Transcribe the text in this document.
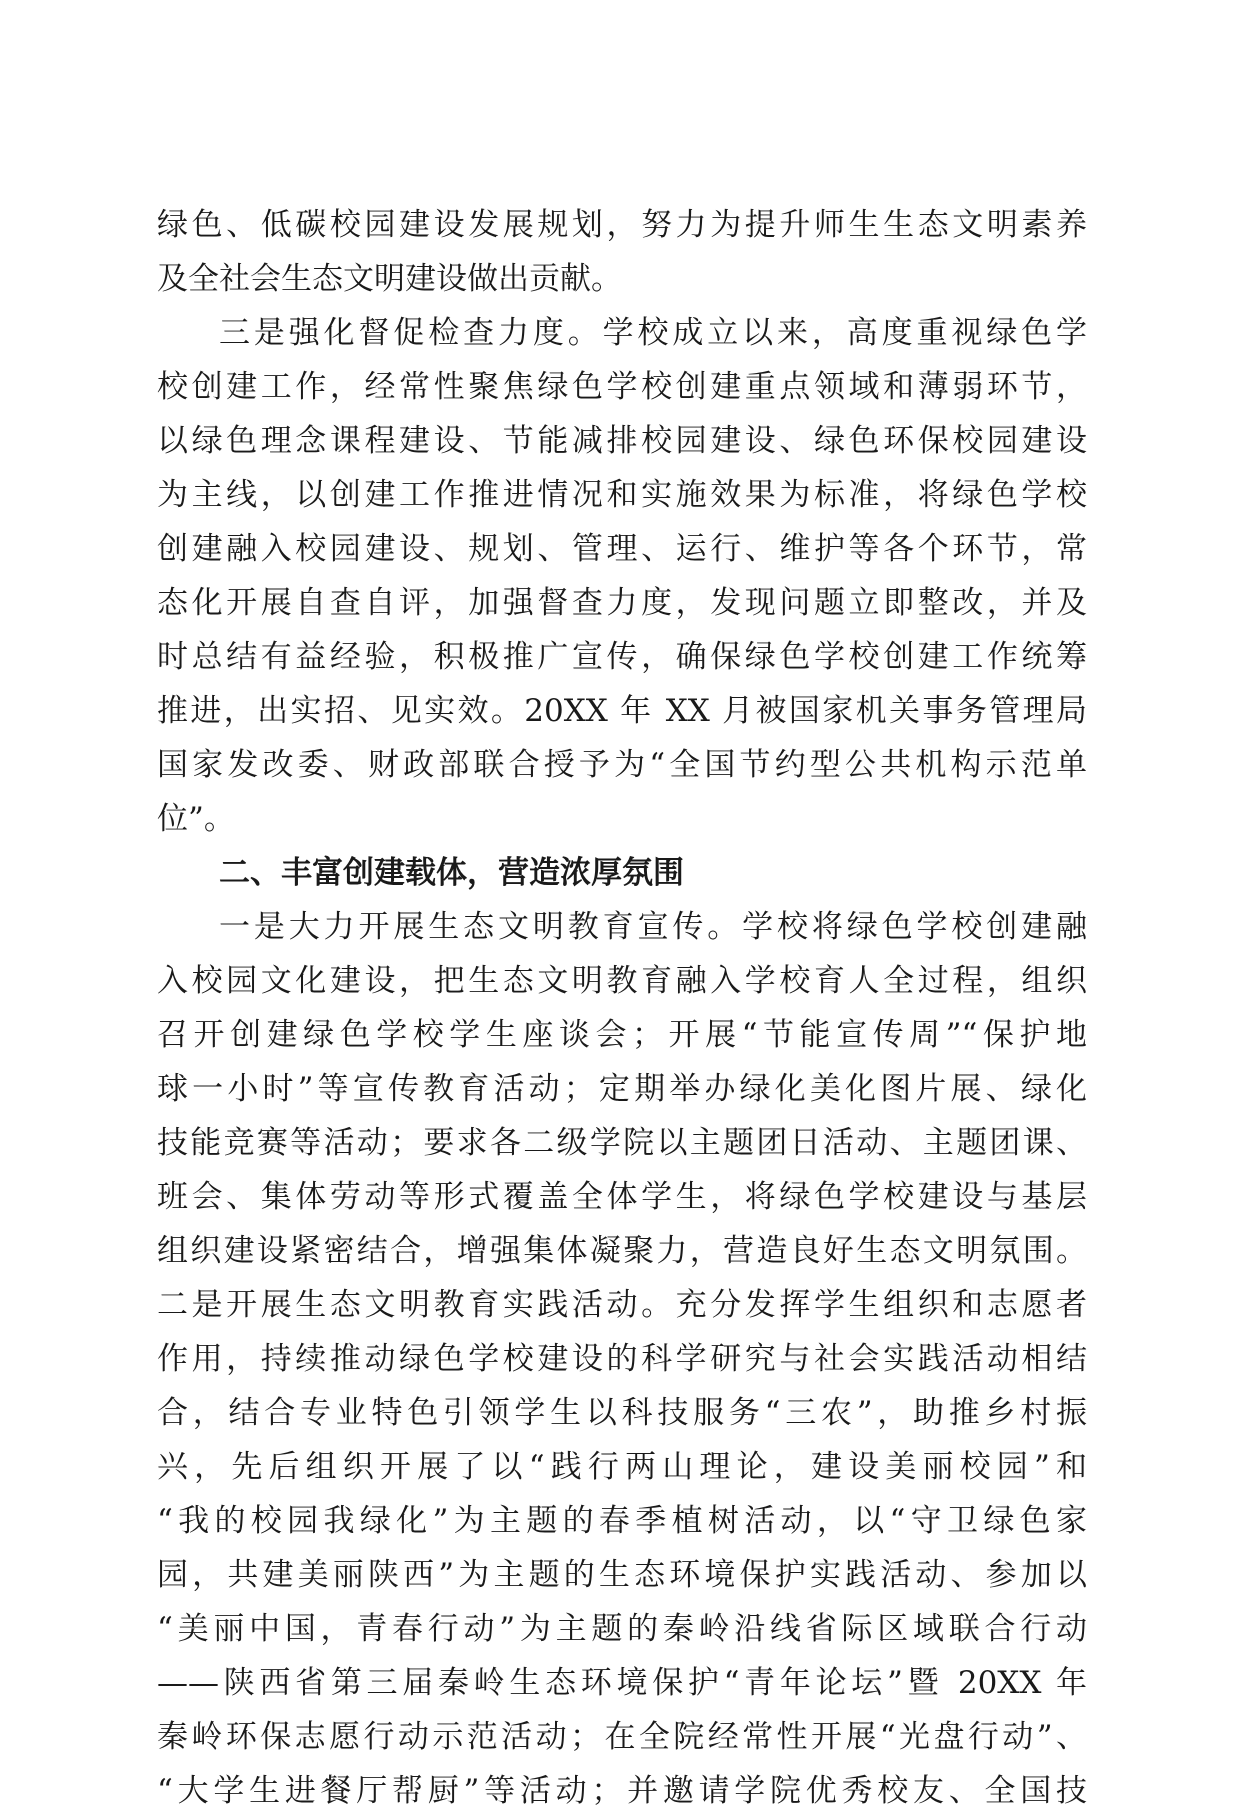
绿色、低碳校园建设发展规划，努力为提升师生生态文明素养
及全社会生态文明建设做出贡献。
三是强化督促检查力度。学校成立以来，高度重视绿色学
校创建工作，经常性聚焦绿色学校创建重点领域和薄弱环节，
以绿色理念课程建设、节能减排校园建设、绿色环保校园建设
为主线，以创建工作推进情况和实施效果为标准，将绿色学校
创建融入校园建设、规划、管理、运行、维护等各个环节，常
态化开展自查自评，加强督查力度，发现问题立即整改，并及
时总结有益经验，积极推广宣传，确保绿色学校创建工作统筹
推进，出实招、见实效。20XX 年 XX 月被国家机关事务管理局
国家发改委、财政部联合授予为“全国节约型公共机构示范单
位”。
二、丰富创建载体，营造浓厚氛围
一是大力开展生态文明教育宣传。学校将绿色学校创建融
入校园文化建设，把生态文明教育融入学校育人全过程，组织
召开创建绿色学校学生座谈会；开展“节能宣传周”“保护地
球一小时”等宣传教育活动；定期举办绿化美化图片展、绿化
技能竞赛等活动；要求各二级学院以主题团日活动、主题团课、
班会、集体劳动等形式覆盖全体学生，将绿色学校建设与基层
组织建设紧密结合，增强集体凝聚力，营造良好生态文明氛围。
二是开展生态文明教育实践活动。充分发挥学生组织和志愿者
作用，持续推动绿色学校建设的科学研究与社会实践活动相结
合，结合专业特色引领学生以科技服务“三农”，助推乡村振
兴，先后组织开展了以“践行两山理论，建设美丽校园”和
“我的校园我绿化”为主题的春季植树活动，以“守卫绿色家
园，共建美丽陕西”为主题的生态环境保护实践活动、参加以
“美丽中国，青春行动”为主题的秦岭沿线省际区域联合行动
——陕西省第三届秦岭生态环境保护“青年论坛”暨 20XX 年
秦岭环保志愿行动示范活动；在全院经常性开展“光盘行动”、
“大学生进餐厅帮厨”等活动；并邀请学院优秀校友、全国技
